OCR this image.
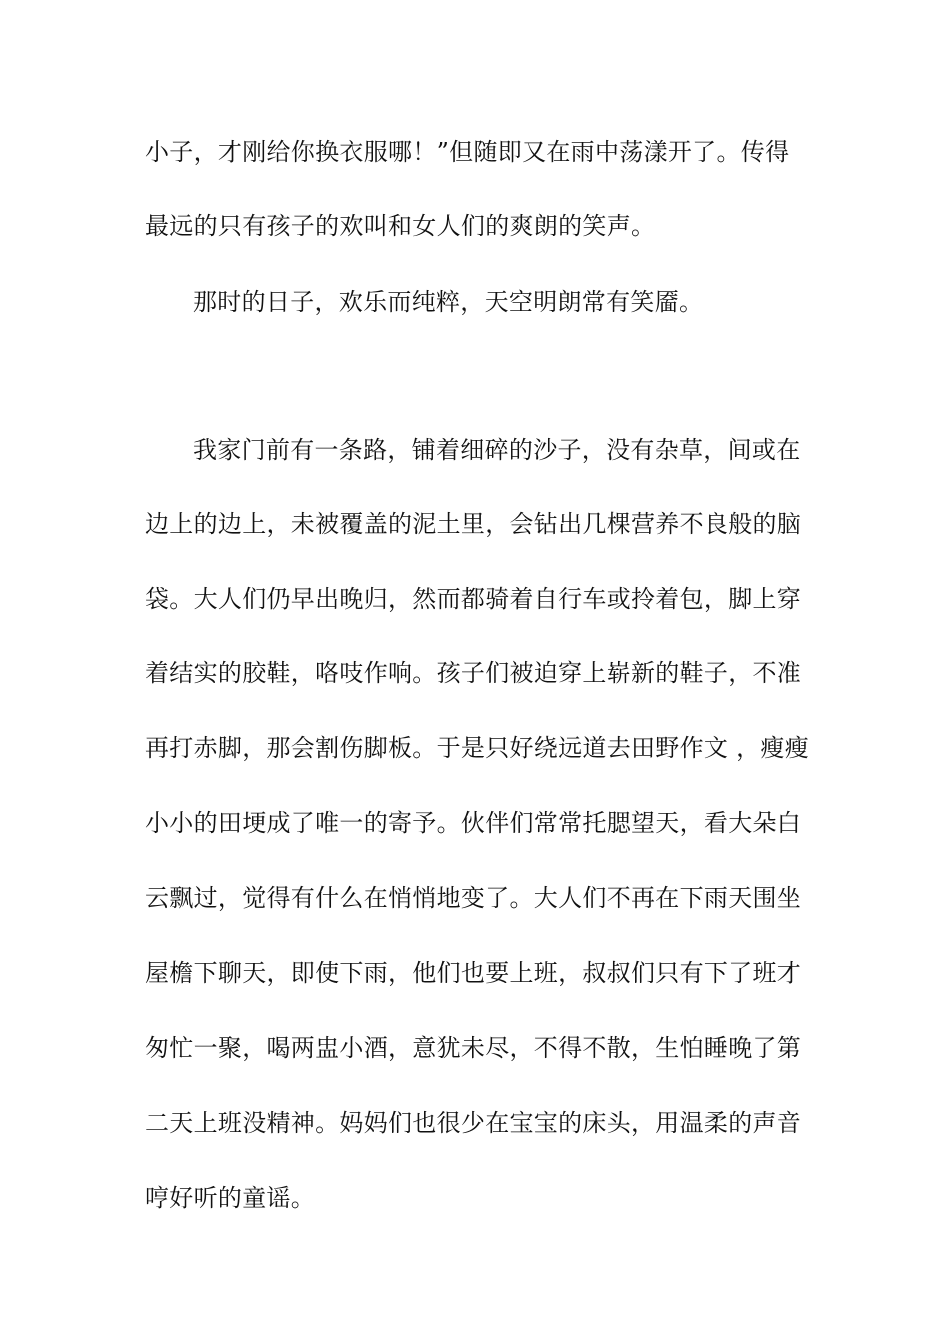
小子，才刚给你换衣服哪！”但随即又在雨中荡漾开了。传得
最远的只有孩子的欢叫和女人们的爽朗的笑声。
那时的日子，欢乐而纯粹，天空明朗常有笑靥。
我家门前有一条路，铺着细碎的沙子，没有杂草，间或在
边上的边上，未被覆盖的泥土里，会钻出几棵营养不良般的脑
袋。大人们仍早出晚归，然而都骑着自行车或拎着包，脚上穿
着结实的胶鞋，咯吱作响。孩子们被迫穿上崭新的鞋子，不准
再打赤脚，那会割伤脚板。于是只好绕远道去田野作文 ，瘦瘦
小小的田埂成了唯一的寄予。伙伴们常常托腮望天，看大朵白
云飘过，觉得有什么在悄悄地变了。大人们不再在下雨天围坐
屋檐下聊天，即使下雨，他们也要上班，叔叔们只有下了班才
匆忙一聚，喝两盅小酒，意犹未尽，不得不散，生怕睡晚了第
二天上班没精神。妈妈们也很少在宝宝的床头，用温柔的声音
哼好听的童谣。
